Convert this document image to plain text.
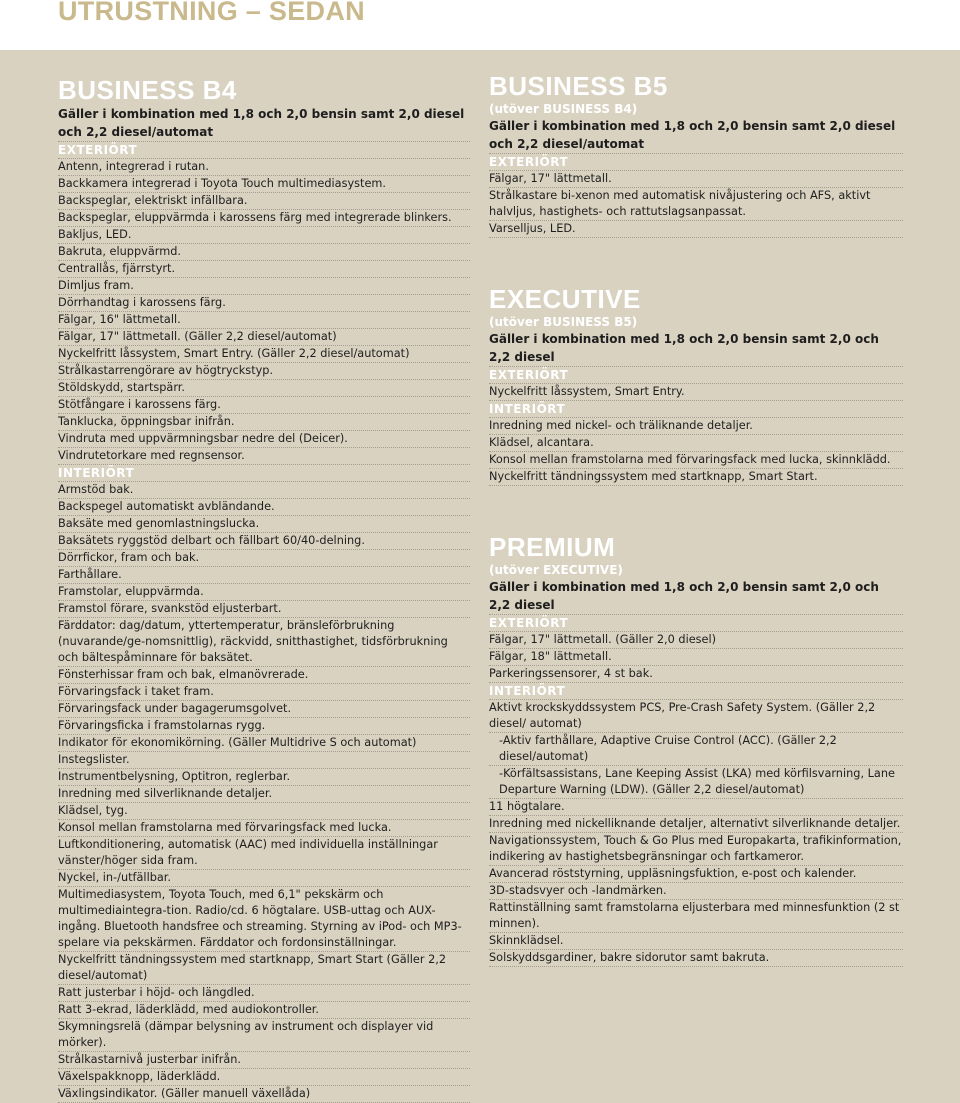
UTRUSTNING – SEDAN
BUSINESS B4
Gäller i kombination med 1,8 och 2,0 bensin samt 2,0 diesel och 2,2 diesel/automat
EXTERIÖRT
Antenn, integrerad i rutan.
Backkamera integrerad i Toyota Touch multimediasystem.
Backspeglar, elektriskt infällbara.
Backspeglar, eluppvärmda i karossens färg med integrerade blinkers.
Bakljus, LED.
Bakruta, eluppvärmd.
Centrallås, fjärrstyrt.
Dimljus fram.
Dörrhandtag i karossens färg.
Fälgar, 16" lättmetall.
Fälgar, 17" lättmetall. (Gäller 2,2 diesel/automat)
Nyckelfritt låssystem, Smart Entry. (Gäller 2,2 diesel/automat)
Strålkastarrengörare av högtryckstyp.
Stöldskydd, startspärr.
Stötfångare i karossens färg.
Tanklucka, öppningsbar inifrån.
Vindruta med uppvärmningsbar nedre del (Deicer).
Vindrutetorkare med regnsensor.
INTERIÖRT
Armstöd bak.
Backspegel automatiskt avbländande.
Baksäte med genomlastningslucka.
Baksätets ryggstöd delbart och fällbart 60/40-delning.
Dörrfickor, fram och bak.
Farthållare.
Framstolar, eluppvärmda.
Framstol förare, svankstöd eljusterbart.
Färddator: dag/datum, yttertemperatur, bränsleförbrukning (nuvarande/ge-nomsnittlig), räckvidd, snitthastighet, tidsförbrukning och bältespåminnare för baksätet.
Fönsterhissar fram och bak, elmanövrerade.
Förvaringsfack i taket fram.
Förvaringsfack under bagagerumsgolvet.
Förvaringsficka i framstolarnas rygg.
Indikator för ekonomikörning. (Gäller Multidrive S och automat)
Instegslister.
Instrumentbelysning, Optitron, reglerbar.
Inredning med silverliknande detaljer.
Klädsel, tyg.
Konsol mellan framstolarna med förvaringsfack med lucka.
Luftkonditionering, automatisk (AAC) med individuella inställningar vänster/höger sida fram.
Nyckel, in-/utfällbar.
Multimediasystem, Toyota Touch, med 6,1" pekskärm och multimediaintegra-tion. Radio/cd. 6 högtalare. USB-uttag och AUX-ingång. Bluetooth handsfree och streaming. Styrning av iPod- och MP3-spelare via pekskärmen. Färddator och fordonsinställningar.
Nyckelfritt tändningssystem med startknapp, Smart Start (Gäller 2,2 diesel/automat)
Ratt justerbar i höjd- och längdled.
Ratt 3-ekrad, läderklädd, med audiokontroller.
Skymningsrelä (dämpar belysning av instrument och displayer vid mörker).
Strålkastarnivå justerbar inifrån.
Växelspakknopp, läderklädd.
Växlingsindikator. (Gäller manuell växellåda)
BUSINESS B5
(utöver BUSINESS B4)
Gäller i kombination med 1,8 och 2,0 bensin samt 2,0 diesel och 2,2 diesel/automat
EXTERIÖRT
Fälgar, 17" lättmetall.
Strålkastare bi-xenon med automatisk nivåjustering och AFS, aktivt halvljus, hastighets- och rattutslagsanpassat.
Varselljus, LED.
EXECUTIVE
(utöver BUSINESS B5)
Gäller i kombination med 1,8 och 2,0 bensin samt 2,0 och 2,2 diesel
EXTERIÖRT
Nyckelfritt låssystem, Smart Entry.
INTERIÖRT
Inredning med nickel- och träliknande detaljer.
Klädsel, alcantara.
Konsol mellan framstolarna med förvaringsfack med lucka, skinnklädd.
Nyckelfritt tändningssystem med startknapp, Smart Start.
PREMIUM
(utöver EXECUTIVE)
Gäller i kombination med 1,8 och 2,0 bensin samt 2,0 och 2,2 diesel
EXTERIÖRT
Fälgar, 17" lättmetall. (Gäller 2,0 diesel)
Fälgar, 18" lättmetall.
Parkeringssensorer, 4 st bak.
INTERIÖRT
Aktivt krockskyddssystem PCS, Pre-Crash Safety System. (Gäller 2,2 diesel/ automat)
-Aktiv farthållare, Adaptive Cruise Control (ACC). (Gäller 2,2 diesel/automat)
-Körfältsassistans, Lane Keeping Assist (LKA) med körfilsvarning, Lane Departure Warning (LDW). (Gäller 2,2 diesel/automat)
11 högtalare.
Inredning med nickelliknande detaljer, alternativt silverliknande detaljer.
Navigationssystem, Touch & Go Plus med Europakarta, trafikinformation, indikering av hastighetsbegränsningar och fartkameror.
Avancerad röststyrning, uppläsningsfuktion, e-post och kalender.
3D-stadsvyer och -landmärken.
Rattinställning samt framstolarna eljusterbara med minnesfunktion (2 st minnen).
Skinnklädsel.
Solskyddsgardiner, bakre sidorutor samt bakruta.
